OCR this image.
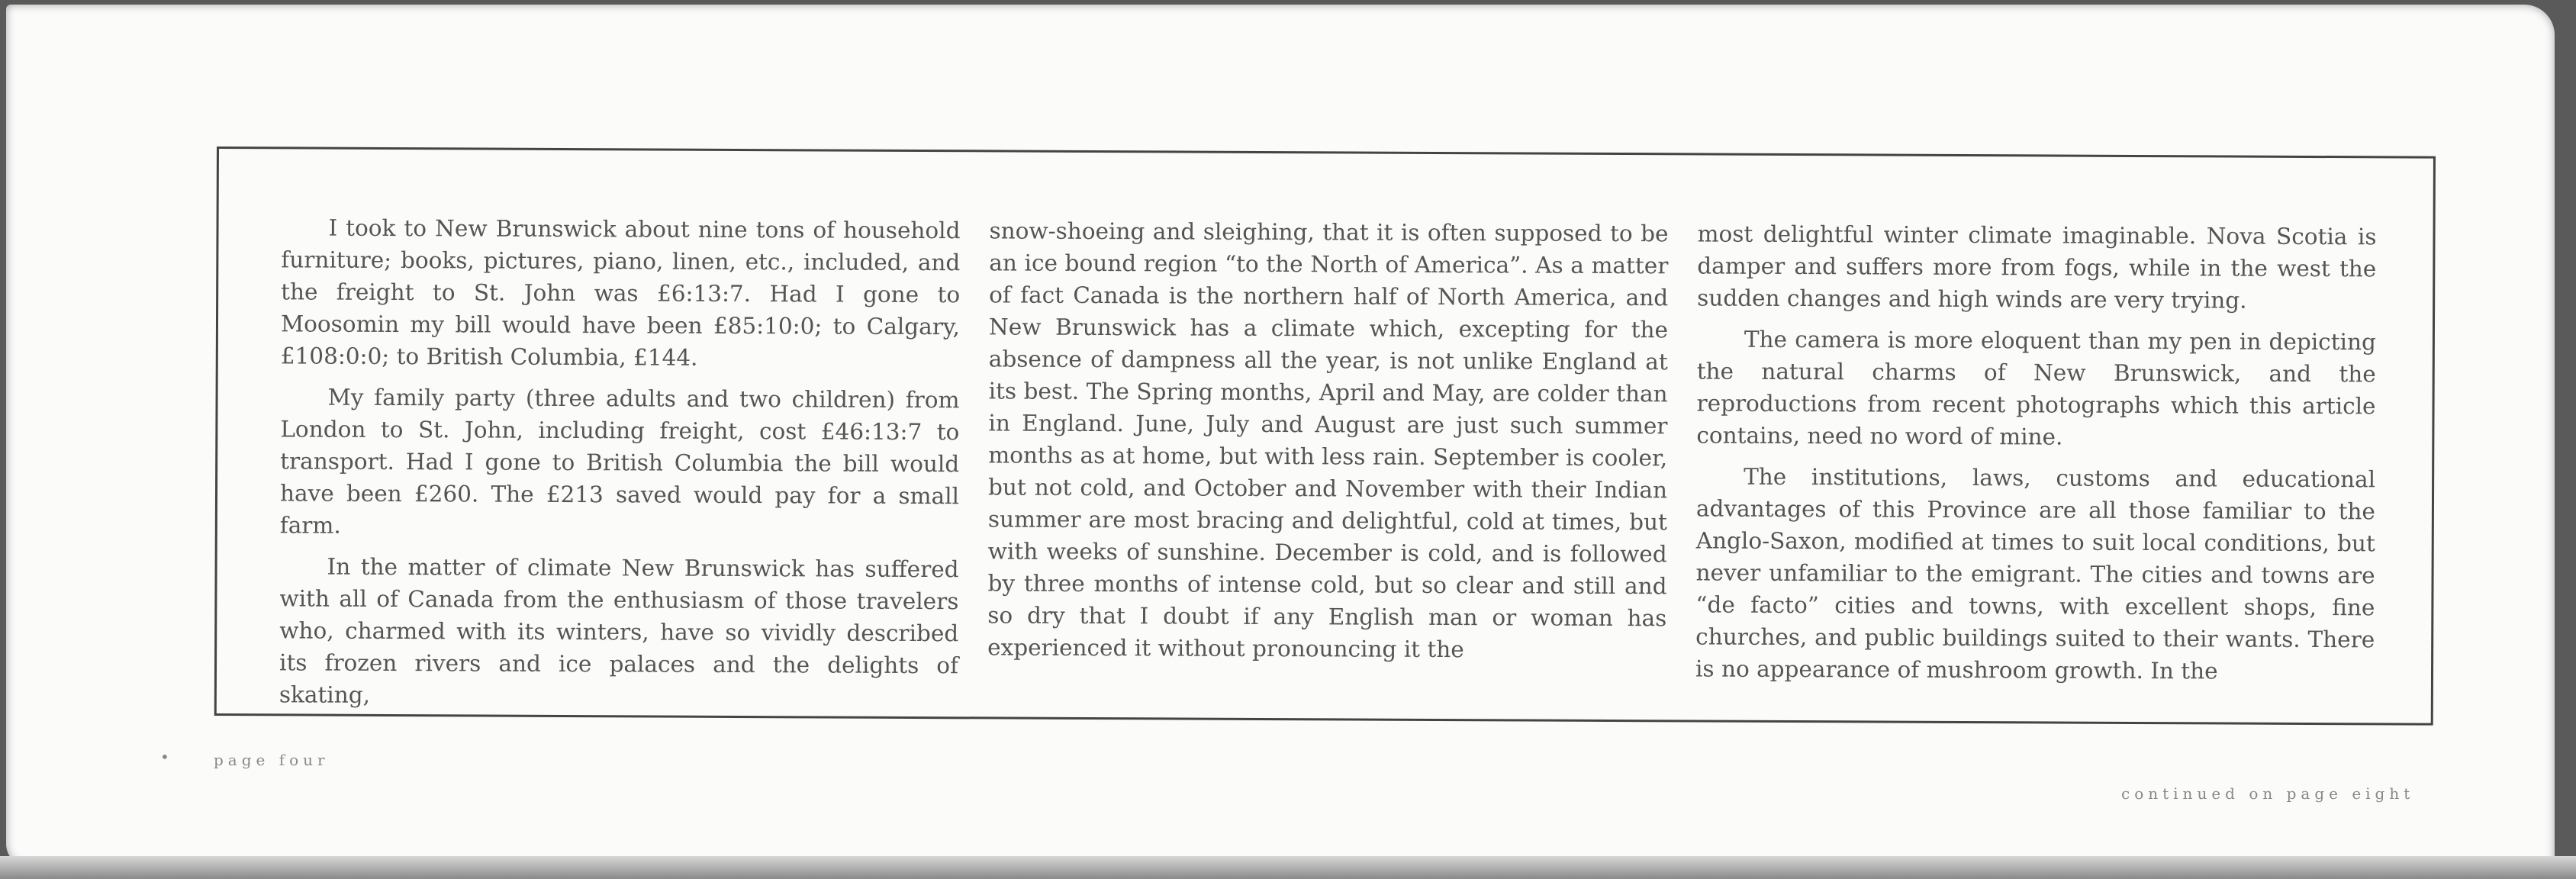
I took to New Brunswick about nine tons of household furniture; books, pictures, piano, linen, etc., included, and the freight to St. John was £6:13:7. Had I gone to Moosomin my bill would have been £85:10:0; to Calgary, £108:0:0; to British Columbia, £144.

My family party (three adults and two children) from London to St. John, including freight, cost £46:13:7 to transport. Had I gone to British Columbia the bill would have been £260. The £213 saved would pay for a small farm.

In the matter of climate New Brunswick has suffered with all of Canada from the enthusiasm of those travelers who, charmed with its winters, have so vividly described its frozen rivers and ice palaces and the delights of skating,

snow-shoeing and sleighing, that it is often supposed to be an ice bound region “to the North of America”. As a matter of fact Canada is the northern half of North America, and New Brunswick has a climate which, excepting for the absence of dampness all the year, is not unlike England at its best. The Spring months, April and May, are colder than in England. June, July and August are just such summer months as at home, but with less rain. September is cooler, but not cold, and October and November with their Indian summer are most bracing and delightful, cold at times, but with weeks of sunshine. December is cold, and is followed by three months of intense cold, but so clear and still and so dry that I doubt if any English man or woman has experienced it without pronouncing it the

most delightful winter climate imaginable. Nova Scotia is damper and suffers more from fogs, while in the west the sudden changes and high winds are very trying.

The camera is more eloquent than my pen in depicting the natural charms of New Brunswick, and the reproductions from recent photographs which this article contains, need no word of mine.

The institutions, laws, customs and educational advantages of this Province are all those familiar to the Anglo-Saxon, modified at times to suit local conditions, but never unfamiliar to the emigrant. The cities and towns are “de facto” cities and towns, with excellent shops, fine churches, and public buildings suited to their wants. There is no appearance of mushroom growth. In the

•	page four
continued on page eight
